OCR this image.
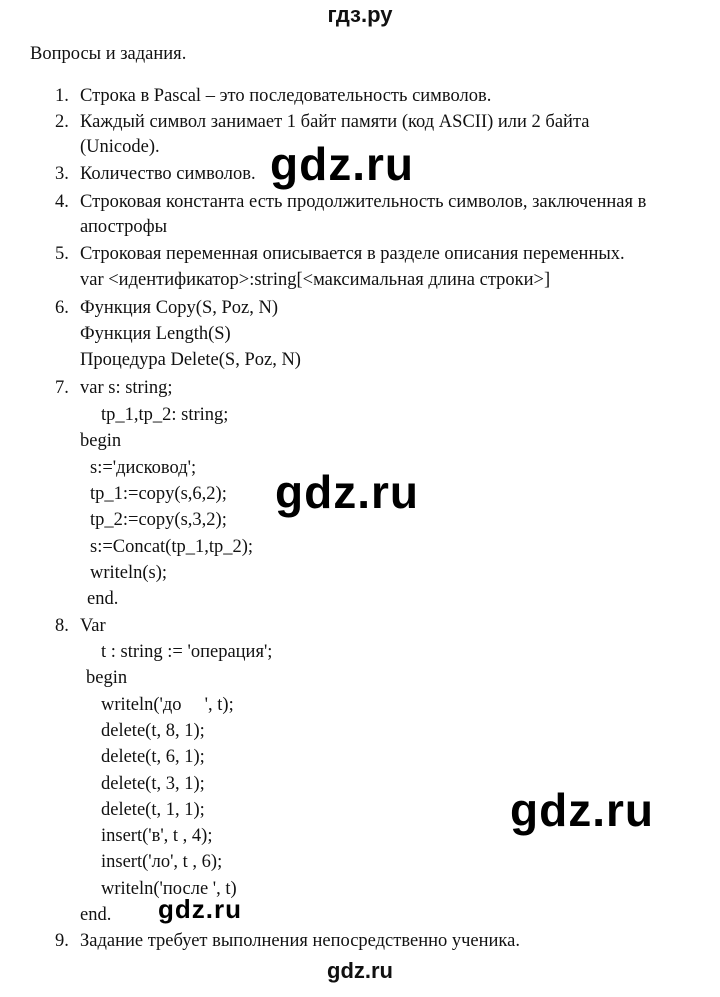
гдз.ру
Вопросы и задания.
1. Строка в Pascal – это последовательность символов.
2. Каждый символ занимает 1 байт памяти (код ASCII) или 2 байта
(Unicode).
3. Количество символов.
4. Строковая константа есть продолжительность символов, заключенная в
апострофы
5. Строковая переменная описывается в разделе описания переменных.
var <идентификатор>:string[<максимальная длина строки>]
6. Функция Copy(S, Poz, N)
Функция Length(S)
Процедура Delete(S, Poz, N)
7. var s: string;
tp_1,tp_2: string;
begin
s:='дисковод';
tp_1:=copy(s,6,2);
tp_2:=copy(s,3,2);
s:=Concat(tp_1,tp_2);
writeln(s);
end.
8. Var
t : string := 'операция';
begin
writeln('до     ', t);
delete(t, 8, 1);
delete(t, 6, 1);
delete(t, 3, 1);
delete(t, 1, 1);
insert('в', t , 4);
insert('ло', t , 6);
writeln('после ', t)
end.
9. Задание требует выполнения непосредственно ученика.
gdz.ru
gdz.ru
gdz.ru
gdz.ru
gdz.ru
